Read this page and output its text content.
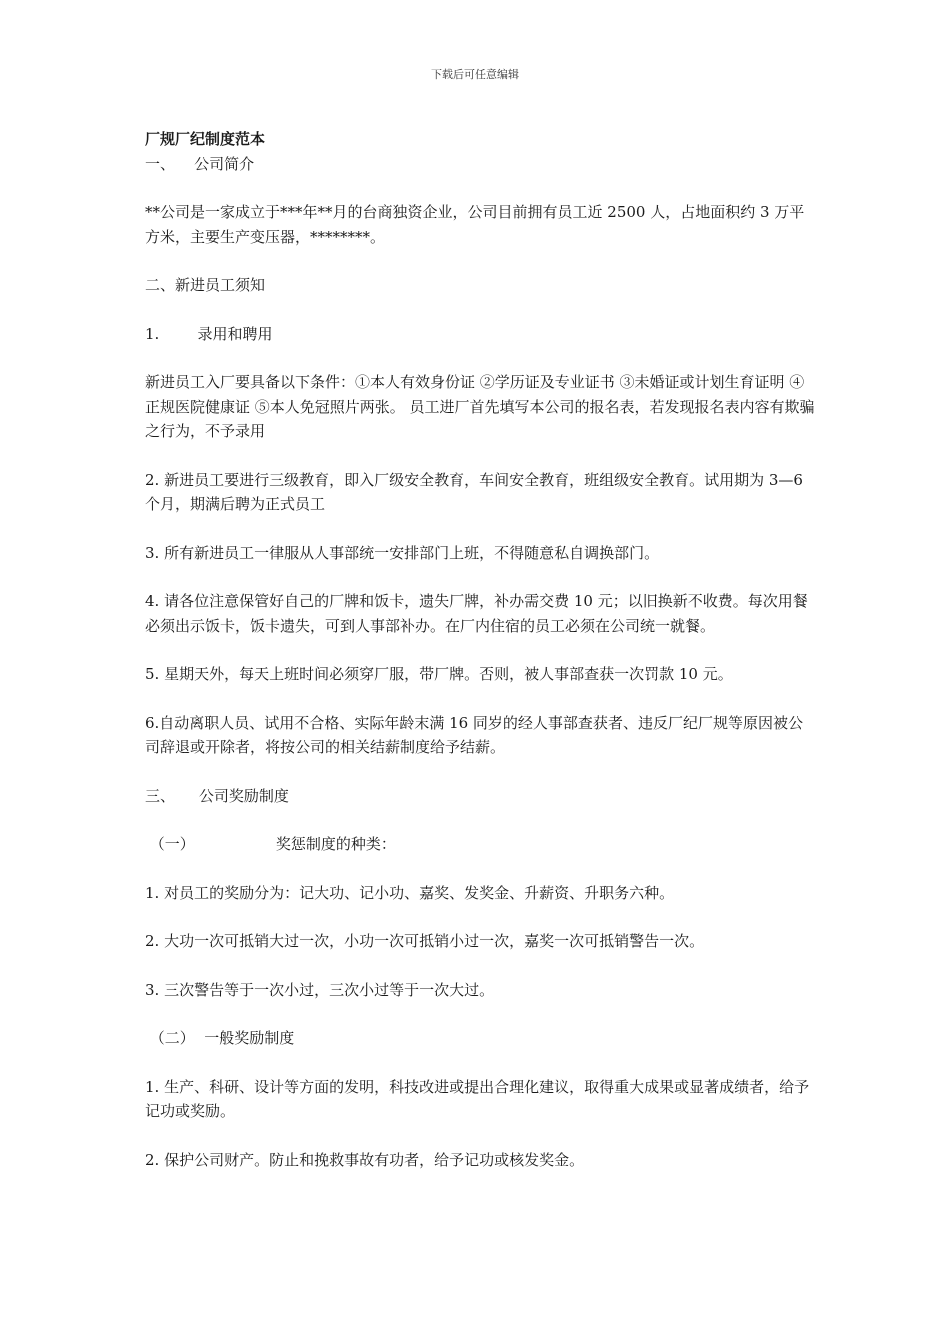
下载后可任意编辑

厂规厂纪制度范本

一、    公司简介

**公司是一家成立于***年**月的台商独资企业，公司目前拥有员工近 2500 人，占地面积约 3 万平方米，主要生产变压器，********。

二、新进员工须知

1.        录用和聘用

新进员工入厂要具备以下条件：①本人有效身份证 ②学历证及专业证书 ③未婚证或计划生育证明 ④正规医院健康证 ⑤本人免冠照片两张。 员工进厂首先填写本公司的报名表，若发现报名表内容有欺骗之行为，不予录用

2. 新进员工要进行三级教育，即入厂级安全教育，车间安全教育，班组级安全教育。试用期为 3—6 个月，期满后聘为正式员工

3. 所有新进员工一律服从人事部统一安排部门上班，不得随意私自调换部门。

4. 请各位注意保管好自己的厂牌和饭卡，遗失厂牌，补办需交费 10 元；以旧换新不收费。每次用餐必须出示饭卡，饭卡遗失，可到人事部补办。在厂内住宿的员工必须在公司统一就餐。

5. 星期天外，每天上班时间必须穿厂服，带厂牌。否则，被人事部查获一次罚款 10 元。

6.自动离职人员、试用不合格、实际年龄末满 16 同岁的经人事部查获者、违反厂纪厂规等原因被公司辞退或开除者，将按公司的相关结薪制度给予结薪。

三、     公司奖励制度

（一）                 奖惩制度的种类：

1. 对员工的奖励分为：记大功、记小功、嘉奖、发奖金、升薪资、升职务六种。

2. 大功一次可抵销大过一次，小功一次可抵销小过一次，嘉奖一次可抵销警告一次。

3. 三次警告等于一次小过，三次小过等于一次大过。

（二）  一般奖励制度

1. 生产、科研、设计等方面的发明，科技改进或提出合理化建议，取得重大成果或显著成绩者，给予记功或奖励。

2. 保护公司财产。防止和挽救事故有功者，给予记功或核发奖金。
